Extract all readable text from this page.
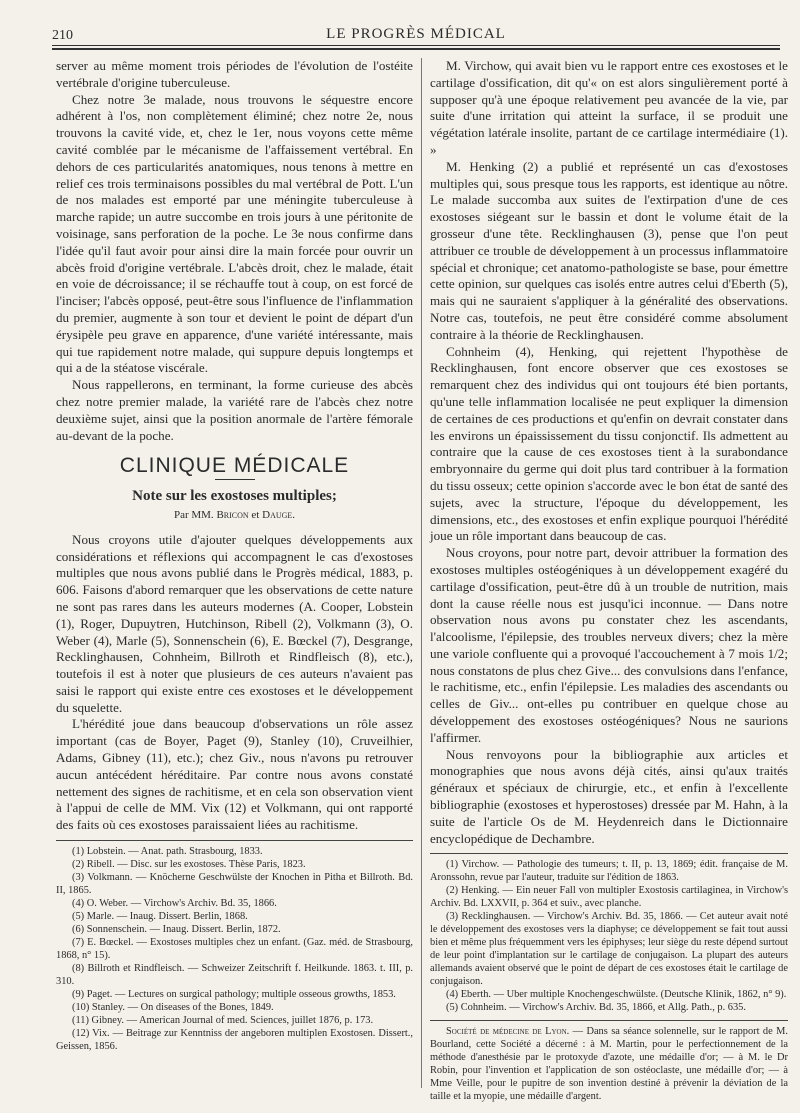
210	LE PROGRÈS MÉDICAL

server au même moment trois périodes de l'évolution de l'ostéite vertébrale d'origine tuberculeuse.

Chez notre 3e malade, nous trouvons le séquestre encore adhérent à l'os, non complètement éliminé; chez notre 2e, nous trouvons la cavité vide, et, chez le 1er, nous voyons cette même cavité comblée par le mécanisme de l'affaissement vertébral. En dehors de ces particularités anatomiques, nous tenons à mettre en relief ces trois terminaisons possibles du mal vertébral de Pott. L'un de nos malades est emporté par une méningite tuberculeuse à marche rapide; un autre succombe en trois jours à une péritonite de voisinage, sans perforation de la poche. Le 3e nous confirme dans l'idée qu'il faut avoir pour ainsi dire la main forcée pour ouvrir un abcès froid d'origine vertébrale. L'abcès droit, chez le malade, était en voie de décroissance; il se réchauffe tout à coup, on est forcé de l'inciser; l'abcès opposé, peut-être sous l'influence de l'inflammation du premier, augmente à son tour et devient le point de départ d'un érysipèle peu grave en apparence, d'une variété intéressante, mais qui tue rapidement notre malade, qui suppure depuis longtemps et qui a de la stéatose viscérale.

Nous rappellerons, en terminant, la forme curieuse des abcès chez notre premier malade, la variété rare de l'abcès chez notre deuxième sujet, ainsi que la position anormale de l'artère fémorale au-devant de la poche.

CLINIQUE MÉDICALE
Note sur les exostoses multiples;
Par MM. Bricon et Dauge.

Nous croyons utile d'ajouter quelques développements aux considérations et réflexions qui accompagnent le cas d'exostoses multiples que nous avons publié dans le Progrès médical, 1883, p. 606. Faisons d'abord remarquer que les observations de cette nature ne sont pas rares dans les auteurs modernes (A. Cooper, Lobstein (1), Roger, Dupuytren, Hutchinson, Ribell (2), Volkmann (3), O. Weber (4), Marle (5), Sonnenschein (6), E. Bœckel (7), Desgrange, Recklinghausen, Cohnheim, Billroth et Rindfleisch (8), etc.), toutefois il est à noter que plusieurs de ces auteurs n'avaient pas saisi le rapport qui existe entre ces exostoses et le développement du squelette.

L'hérédité joue dans beaucoup d'observations un rôle assez important (cas de Boyer, Paget (9), Stanley (10), Cruveilhier, Adams, Gibney (11), etc.); chez Giv., nous n'avons pu retrouver aucun antécédent héréditaire. Par contre nous avons constaté nettement des signes de rachitisme, et en cela son observation vient à l'appui de celle de MM. Vix (12) et Volkmann, qui ont rapporté des faits où ces exostoses paraissaient liées au rachitisme.

(1) Lobstein. — Anat. path. Strasbourg, 1833.

(2) Ribell. — Disc. sur les exostoses. Thèse Paris, 1823.

(3) Volkmann. — Knöcherne Geschwülste der Knochen in Pitha et Billroth. Bd. II, 1865.

(4) O. Weber. — Virchow's Archiv. Bd. 35, 1866.

(5) Marle. — Inaug. Dissert. Berlin, 1868.

(6) Sonnenschein. — Inaug. Dissert. Berlin, 1872.

(7) E. Bœckel. — Exostoses multiples chez un enfant. (Gaz. méd. de Strasbourg, 1868, n° 15).

(8) Billroth et Rindfleisch. — Schweizer Zeitschrift f. Heilkunde. 1863. t. III, p. 310.

(9) Paget. — Lectures on surgical pathology; multiple osseous growths, 1853.

(10) Stanley. — On diseases of the Bones, 1849.

(11) Gibney. — American Journal of med. Sciences, juillet 1876, p. 173.

(12) Vix. — Beitrage zur Kenntniss der angeboren multiplen Exostosen. Dissert., Geissen, 1856.

M. Virchow, qui avait bien vu le rapport entre ces exostoses et le cartilage d'ossification, dit qu'« on est alors singulièrement porté à supposer qu'à une époque relativement peu avancée de la vie, par suite d'une irritation qui atteint la surface, il se produit une végétation latérale insolite, partant de ce cartilage intermédiaire (1). »

M. Henking (2) a publié et représenté un cas d'exostoses multiples qui, sous presque tous les rapports, est identique au nôtre. Le malade succomba aux suites de l'extirpation d'une de ces exostoses siégeant sur le bassin et dont le volume était de la grosseur d'une tête. Recklinghausen (3), pense que l'on peut attribuer ce trouble de développement à un processus inflammatoire spécial et chronique; cet anatomo-pathologiste se base, pour émettre cette opinion, sur quelques cas isolés entre autres celui d'Eberth (5), mais qui ne sauraient s'appliquer à la généralité des observations. Notre cas, toutefois, ne peut être considéré comme absolument contraire à la théorie de Recklinghausen.

Cohnheim (4), Henking, qui rejettent l'hypothèse de Recklinghausen, font encore observer que ces exostoses se remarquent chez des individus qui ont toujours été bien portants, qu'une telle inflammation localisée ne peut expliquer la dimension de certaines de ces productions et qu'enfin on devrait constater dans les environs un épaississement du tissu conjonctif. Ils admettent au contraire que la cause de ces exostoses tient à la surabondance embryonnaire du germe qui doit plus tard contribuer à la formation du tissu osseux; cette opinion s'accorde avec le bon état de santé des sujets, avec la structure, l'époque du développement, les dimensions, etc., des exostoses et enfin explique pourquoi l'hérédité joue un rôle important dans beaucoup de cas.

Nous croyons, pour notre part, devoir attribuer la formation des exostoses multiples ostéogéniques à un développement exagéré du cartilage d'ossification, peut-être dû à un trouble de nutrition, mais dont la cause réelle nous est jusqu'ici inconnue. — Dans notre observation nous avons pu constater chez les ascendants, l'alcoolisme, l'épilepsie, des troubles nerveux divers; chez la mère une variole confluente qui a provoqué l'accouchement à 7 mois 1/2; nous constatons de plus chez Give... des convulsions dans l'enfance, le rachitisme, etc., enfin l'épilepsie. Les maladies des ascendants ou celles de Giv... ont-elles pu contribuer en quelque chose au développement des exostoses ostéogéniques? Nous ne saurions l'affirmer.

Nous renvoyons pour la bibliographie aux articles et monographies que nous avons déjà cités, ainsi qu'aux traités généraux et spéciaux de chirurgie, etc., et enfin à l'excellente bibliographie (exostoses et hyperostoses) dressée par M. Hahn, à la suite de l'article Os de M. Heydenreich dans le Dictionnaire encyclopédique de Dechambre.

(1) Virchow. — Pathologie des tumeurs; t. II, p. 13, 1869; édit. française de M. Aronssohn, revue par l'auteur, traduite sur l'édition de 1863.

(2) Henking. — Ein neuer Fall von multipler Exostosis cartilaginea, in Virchow's Archiv. Bd. LXXVII, p. 364 et suiv., avec planche.

(3) Recklinghausen. — Virchow's Archiv. Bd. 35, 1866. — Cet auteur avait noté le développement des exostoses vers la diaphyse; ce développement se fait tout aussi bien et même plus fréquemment vers les épiphyses; leur siège du reste dépend surtout de leur point d'implantation sur le cartilage de conjugaison. La plupart des auteurs allemands avaient observé que le point de départ de ces exostoses était le cartilage de conjugaison.

(4) Eberth. — Uber multiple Knochengeschwülste. (Deutsche Klinik, 1862, n° 9).

(5) Cohnheim. — Virchow's Archiv. Bd. 35, 1866, et Allg. Path., p. 635.

Société de médecine de Lyon. — Dans sa séance solennelle, sur le rapport de M. Bourland, cette Société a décerné : à M. Martin, pour le perfectionnement de la méthode d'anesthésie par le protoxyde d'azote, une médaille d'or; — à M. le Dr Robin, pour l'invention et l'application de son ostéoclaste, une médaille d'or; — à Mme Veille, pour le pupitre de son invention destiné à prévenir la déviation de la taille et la myopie, une médaille d'argent.
